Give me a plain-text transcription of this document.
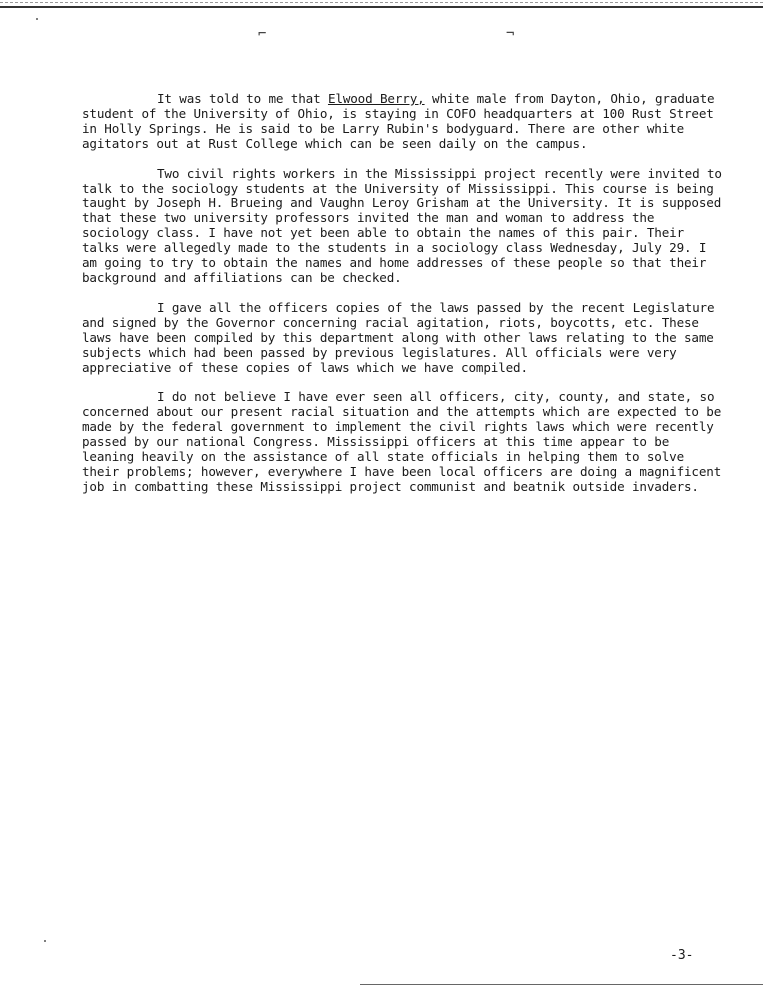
⌐	¬

It was told to me that Elwood Berry, white male from Dayton, Ohio, graduate student of the University of Ohio, is staying in COFO headquarters at 100 Rust Street in Holly Springs. He is said to be Larry Rubin's bodyguard. There are other white agitators out at Rust College which can be seen daily on the campus.

Two civil rights workers in the Mississippi project recently were invited to talk to the sociology students at the University of Mississippi. This course is being taught by Joseph H. Brueing and Vaughn Leroy Grisham at the University. It is supposed that these two university professors invited the man and woman to address the sociology class. I have not yet been able to obtain the names of this pair. Their talks were allegedly made to the students in a sociology class Wednesday, July 29. I am going to try to obtain the names and home addresses of these people so that their background and affiliations can be checked.

I gave all the officers copies of the laws passed by the recent Legislature and signed by the Governor concerning racial agitation, riots, boycotts, etc. These laws have been compiled by this department along with other laws relating to the same subjects which had been passed by previous legislatures. All officials were very appreciative of these copies of laws which we have compiled.

I do not believe I have ever seen all officers, city, county, and state, so concerned about our present racial situation and the attempts which are expected to be made by the federal government to implement the civil rights laws which were recently passed by our national Congress. Mississippi officers at this time appear to be leaning heavily on the assistance of all state officials in helping them to solve their problems; however, everywhere I have been local officers are doing a magnificent job in combatting these Mississippi project communist and beatnik outside invaders.

-3-
